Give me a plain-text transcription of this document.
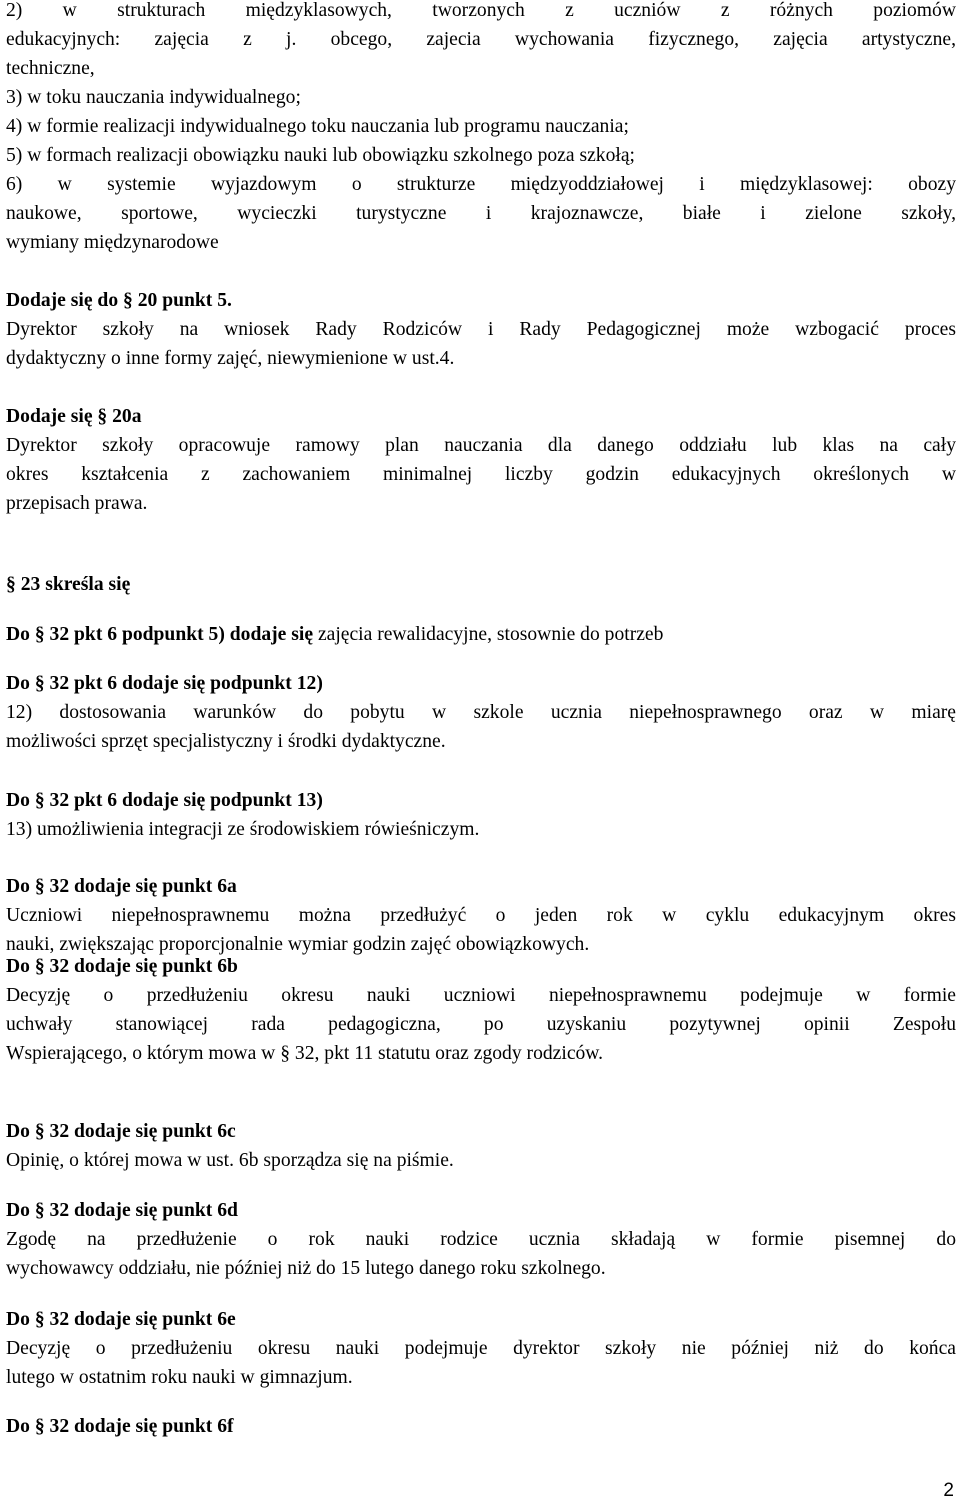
2) w strukturach międzyklasowych, tworzonych z uczniów z różnych poziomów
edukacyjnych: zajęcia z j. obcego, zajecia wychowania fizycznego, zajęcia artystyczne,
techniczne,
3) w toku nauczania indywidualnego;
4) w formie realizacji indywidualnego toku nauczania lub programu nauczania;
5) w formach realizacji obowiązku nauki lub obowiązku szkolnego poza szkołą;
6) w systemie wyjazdowym o strukturze międzyoddziałowej i międzyklasowej: obozy
naukowe, sportowe, wycieczki turystyczne i krajoznawcze, białe i zielone szkoły,
wymiany międzynarodowe
Dodaje się do § 20 punkt 5.
Dyrektor szkoły na wniosek Rady Rodziców i Rady Pedagogicznej może wzbogacić proces
dydaktyczny o inne formy zajęć, niewymienione w ust.4.
Dodaje się § 20a
Dyrektor szkoły opracowuje ramowy plan nauczania dla danego oddziału lub klas na cały
okres kształcenia z zachowaniem minimalnej liczby godzin edukacyjnych określonych w
przepisach prawa.
§ 23 skreśla się
Do § 32 pkt 6 podpunkt 5) dodaje się zajęcia rewalidacyjne, stosownie do potrzeb
Do § 32 pkt 6 dodaje się podpunkt 12)
12) dostosowania warunków do pobytu w szkole ucznia niepełnosprawnego oraz w miarę
możliwości sprzęt specjalistyczny i środki dydaktyczne.
Do § 32 pkt 6 dodaje się podpunkt 13)
13) umożliwienia integracji ze środowiskiem rówieśniczym.
Do § 32 dodaje się punkt 6a
Uczniowi niepełnosprawnemu można przedłużyć o jeden rok w cyklu edukacyjnym okres
nauki, zwiększając proporcjonalnie wymiar godzin zajęć obowiązkowych.
Do § 32 dodaje się punkt 6b
Decyzję o przedłużeniu okresu nauki uczniowi niepełnosprawnemu podejmuje w formie
uchwały stanowiącej rada pedagogiczna, po uzyskaniu pozytywnej opinii Zespołu
Wspierającego, o którym mowa w § 32, pkt 11 statutu oraz zgody rodziców.
Do § 32 dodaje się punkt 6c
Opinię, o której mowa w ust. 6b sporządza się na piśmie.
Do § 32 dodaje się punkt 6d
Zgodę na przedłużenie o rok nauki rodzice ucznia składają w formie pisemnej do
wychowawcy oddziału, nie później niż do 15 lutego danego roku szkolnego.
Do § 32 dodaje się punkt 6e
Decyzję o przedłużeniu okresu nauki podejmuje dyrektor szkoły nie później niż do końca
lutego w ostatnim roku nauki w gimnazjum.
Do § 32 dodaje się punkt 6f
2
